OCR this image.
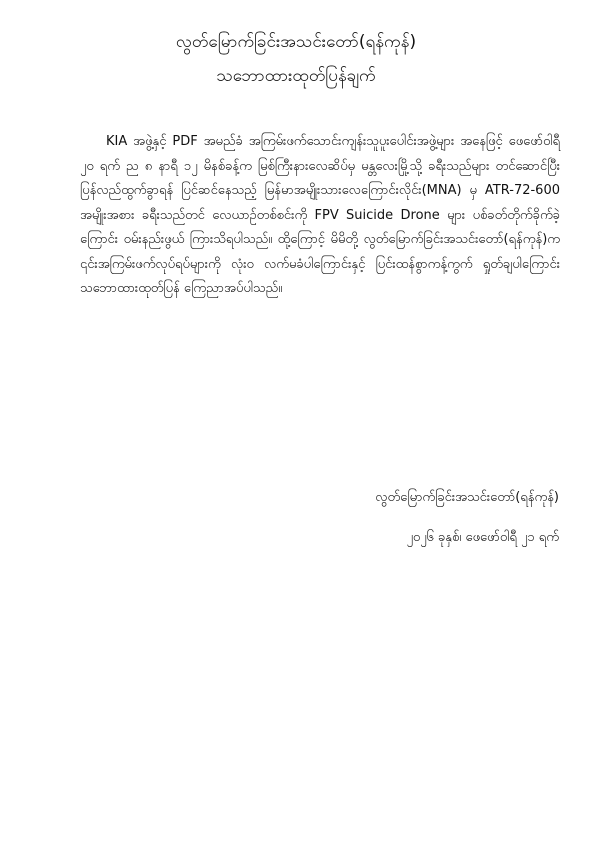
လွတ်မြောက်ခြင်းအသင်းတော်(ရန်ကုန်)
သဘောထားထုတ်ပြန်ချက်

KIA အဖွဲ့နှင့် PDF အမည်ခံ အကြမ်းဖက်သောင်းကျန်းသူပူးပေါင်းအဖွဲ့များ အနေဖြင့် ဖေဖော်ဝါရီ ၂၀ ရက် ည ၈ နာရီ ၁၂ မိနစ်ခန့်က မြစ်ကြီးနားလေဆိပ်မှ မန္တလေးမြို့သို့ ခရီးသည်များ တင်ဆောင်ပြီး ပြန်လည်ထွက်ခွာရန် ပြင်ဆင်နေသည့် မြန်မာအမျိုးသားလေကြောင်းလိုင်း(MNA) မှ ATR-72-600 အမျိုးအစား ခရီးသည်တင် လေယာဉ်တစ်စင်းကို FPV Suicide Drone များ ပစ်ခတ်တိုက်ခိုက်ခဲ့ကြောင်း ဝမ်းနည်းဖွယ် ကြားသိရပါသည်။ ထို့ကြောင့် မိမိတို့ လွတ်မြောက်ခြင်းအသင်းတော်(ရန်ကုန်)က ၎င်းအကြမ်းဖက်လုပ်ရပ်များကို လုံးဝ လက်မခံပါကြောင်းနှင့် ပြင်းထန်စွာကန့်ကွက် ရှုတ်ချပါကြောင်း သဘောထားထုတ်ပြန် ကြေညာအပ်ပါသည်။

လွတ်မြောက်ခြင်းအသင်းတော်(ရန်ကုန်)
၂၀၂၆ ခုနှစ်၊ ဖေဖော်ဝါရီ ၂၁ ရက်
